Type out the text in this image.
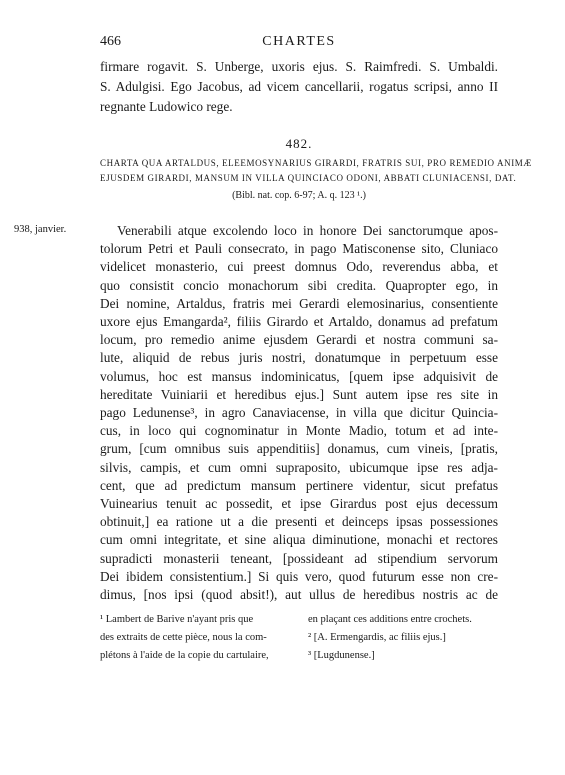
466	CHARTES
firmare rogavit. S. Unberge, uxoris ejus. S. Raimfredi. S. Umbaldi.
S. Adulgisi. Ego Jacobus, ad vicem cancellarii, rogatus scripsi, anno II
regnante Ludowico rege.
482.
CHARTA QUA ARTALDUS, ELEEMOSYNARIUS GIRARDI, FRATRIS SUI, PRO REMEDIO ANIMÆ
EJUSDEM GIRARDI, MANSUM IN VILLA QUINCIACO ODONI, ABBATI CLUNIACENSI, DAT.
(Bibl. nat. cop. 6-97; A. q. 123 ¹.)
938, janvier.	Venerabili atque excolendo loco in honore Dei sanctorumque apos-
tolorum Petri et Pauli consecrato, in pago Matisconense sito, Cluniaco
videlicet monasterio, cui preest domnus Odo, reverendus abba, et
quo consistit concio monachorum sibi credita. Quapropter ego, in
Dei nomine, Artaldus, fratris mei Gerardi elemosinarius, consentiente
uxore ejus Emangarda², filiis Girardo et Artaldo, donamus ad prefatum
locum, pro remedio anime ejusdem Gerardi et nostra communi sa-
lute, aliquid de rebus juris nostri, donatumque in perpetuum esse
volumus, hoc est mansus indominicatus, [quem ipse adquisivit de
hereditate Vuiniarii et heredibus ejus.] Sunt autem ipse res site in
pago Ledunense³, in agro Canaviacense, in villa que dicitur Quincia-
cus, in loco qui cognominatur in Monte Madio, totum et ad inte-
grum, [cum omnibus suis appenditiis] donamus, cum vineis, [pratis,
silvis, campis, et cum omni supraposito, ubicumque ipse res adja-
cent, que ad predictum mansum pertinere videntur, sicut prefatus
Vuinearius tenuit ac possedit, et ipse Girardus post ejus decessum
obtinuit,] ea ratione ut a die presenti et deinceps ipsas possessiones
cum omni integritate, et sine aliqua diminutione, monachi et rectores
supradicti monasterii teneant, [possideant ad stipendium servorum
Dei ibidem consistentium.] Si quis vero, quod futurum esse non cre-
dimus, [nos ipsi (quod absit!), aut ullus de heredibus nostris ac de
¹ Lambert de Barive n'ayant pris que
des extraits de cette pièce, nous la com-
plétons à l'aide de la copie du cartulaire,
en plaçant ces additions entre crochets.
² [A. Ermengardis, ac filiis ejus.]
³ [Lugdunense.]
